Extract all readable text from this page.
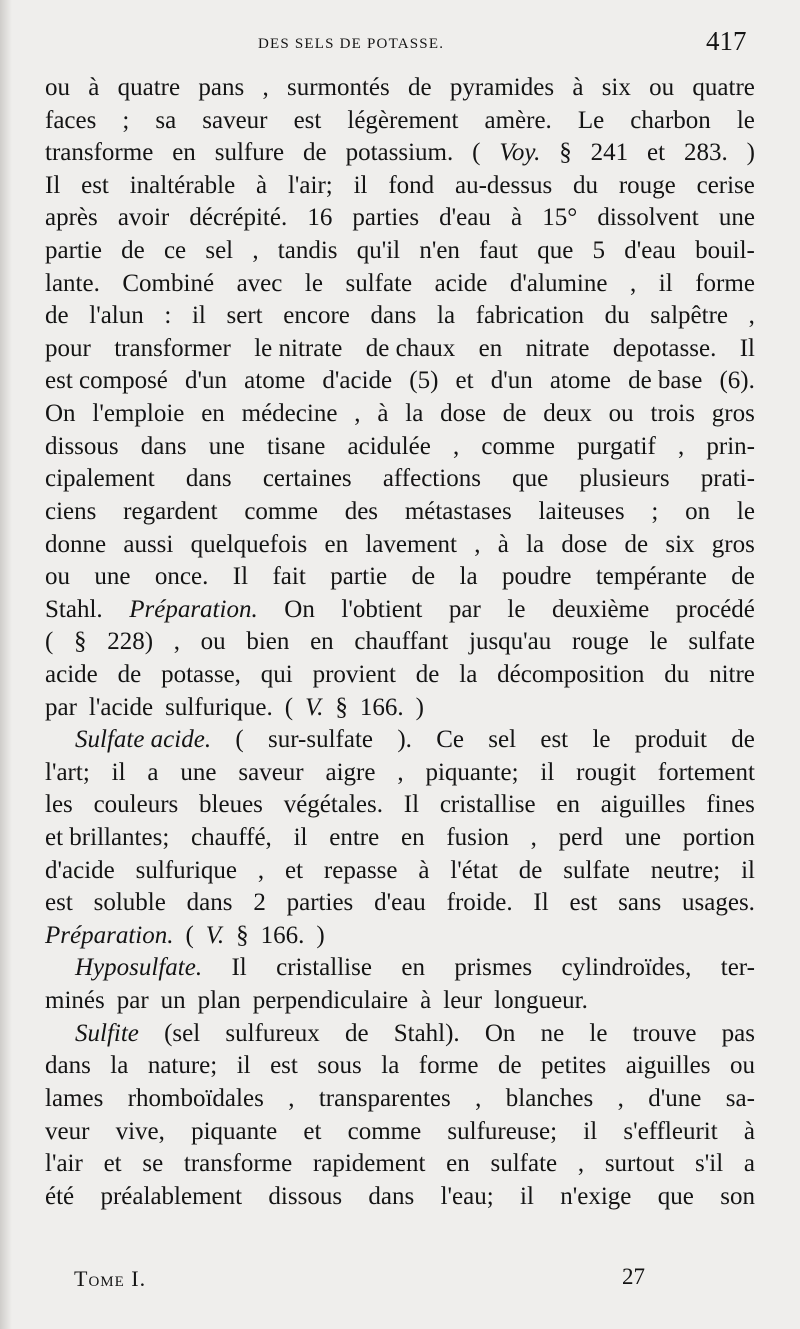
DES SELS DE POTASSE.	417
ou à quatre pans , surmontés de pyramides à six ou quatre
faces ; sa saveur est légèrement amère. Le charbon le
transforme en sulfure de potassium. ( Voy. § 241 et 283. )
Il est inaltérable à l'air; il fond au-dessus du rouge cerise
après avoir décrépité. 16 parties d'eau à 15° dissolvent une
partie de ce sel , tandis qu'il n'en faut que 5 d'eau bouil-
lante. Combiné avec le sulfate acide d'alumine , il forme
de l'alun : il sert encore dans la fabrication du salpêtre ,
pour transformer le nitrate de chaux en nitrate depotasse. Il
est composé d'un atome d'acide (5) et d'un atome de base (6).
On l'emploie en médecine , à la dose de deux ou trois gros
dissous dans une tisane acidulée , comme purgatif , prin-
cipalement dans certaines affections que plusieurs prati-
ciens regardent comme des métastases laiteuses ; on le
donne aussi quelquefois en lavement , à la dose de six gros
ou une once. Il fait partie de la poudre tempérante de
Stahl. Préparation. On l'obtient par le deuxième procédé
( § 228) , ou bien en chauffant jusqu'au rouge le sulfate
acide de potasse, qui provient de la décomposition du nitre
par l'acide sulfurique. ( V. § 166. )
Sulfate acide. ( sur-sulfate ). Ce sel est le produit de
l'art; il a une saveur aigre , piquante; il rougit fortement
les couleurs bleues végétales. Il cristallise en aiguilles fines
et brillantes; chauffé, il entre en fusion , perd une portion
d'acide sulfurique , et repasse à l'état de sulfate neutre; il
est soluble dans 2 parties d'eau froide. Il est sans usages.
Préparation. ( V. § 166. )
Hyposulfate. Il cristallise en prismes cylindroïdes, ter-
minés par un plan perpendiculaire à leur longueur.
Sulfite (sel sulfureux de Stahl). On ne le trouve pas
dans la nature; il est sous la forme de petites aiguilles ou
lames rhomboïdales , transparentes , blanches , d'une sa-
veur vive, piquante et comme sulfureuse; il s'effleurit à
l'air et se transforme rapidement en sulfate , surtout s'il a
été préalablement dissous dans l'eau; il n'exige que son
Tome I.	27
